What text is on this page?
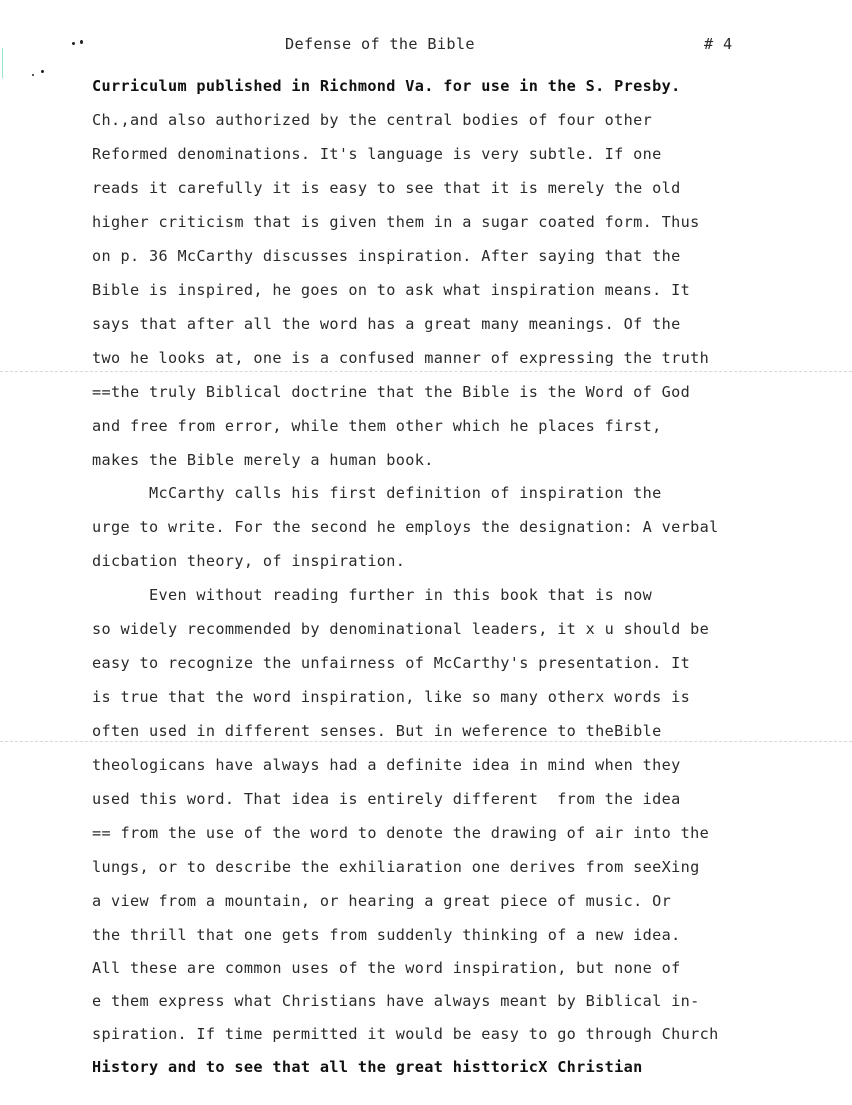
Defense of the Bible	# 4
Curriculum published in Richmond Va. for use in the S. Presby.
Ch.,and also authorized by the central bodies of four other
Reformed denominations. It's language is very subtle. If one
reads it carefully it is easy to see that it is merely the old
higher criticism that is given them in a sugar coated form. Thus
on p. 36 McCarthy discusses inspiration. After saying that the
Bible is inspired, he goes on to ask what inspiration means. It
says that after all the word has a great many meanings. Of the
two he looks at, one is a confused manner of expressing the truth
==the truly Biblical doctrine that the Bible is the Word of God
and free from error, while them other which he places first,
makes the Bible merely a human book.
McCarthy calls his first definition of inspiration the
urge to write. For the second he employs the designation: A verbal
dicbation theory, of inspiration.
Even without reading further in this book that is now
so widely recommended by denominational leaders, it x u should be
easy to recognize the unfairness of McCarthy's presentation. It
is true that the word inspiration, like so many otherx words is
often used in different senses. But in weference to theBible
theologicans have always had a definite idea in mind when they
used this word. That idea is entirely different  from the idea
== from the use of the word to denote the drawing of air into the
lungs, or to describe the exhiliaration one derives from seeXing
a view from a mountain, or hearing a great piece of music. Or
the thrill that one gets from suddenly thinking of a new idea.
All these are common uses of the word inspiration, but none of
e them express what Christians have always meant by Biblical in-
spiration. If time permitted it would be easy to go through Church
History and to see that all the great histtoricX Christian
